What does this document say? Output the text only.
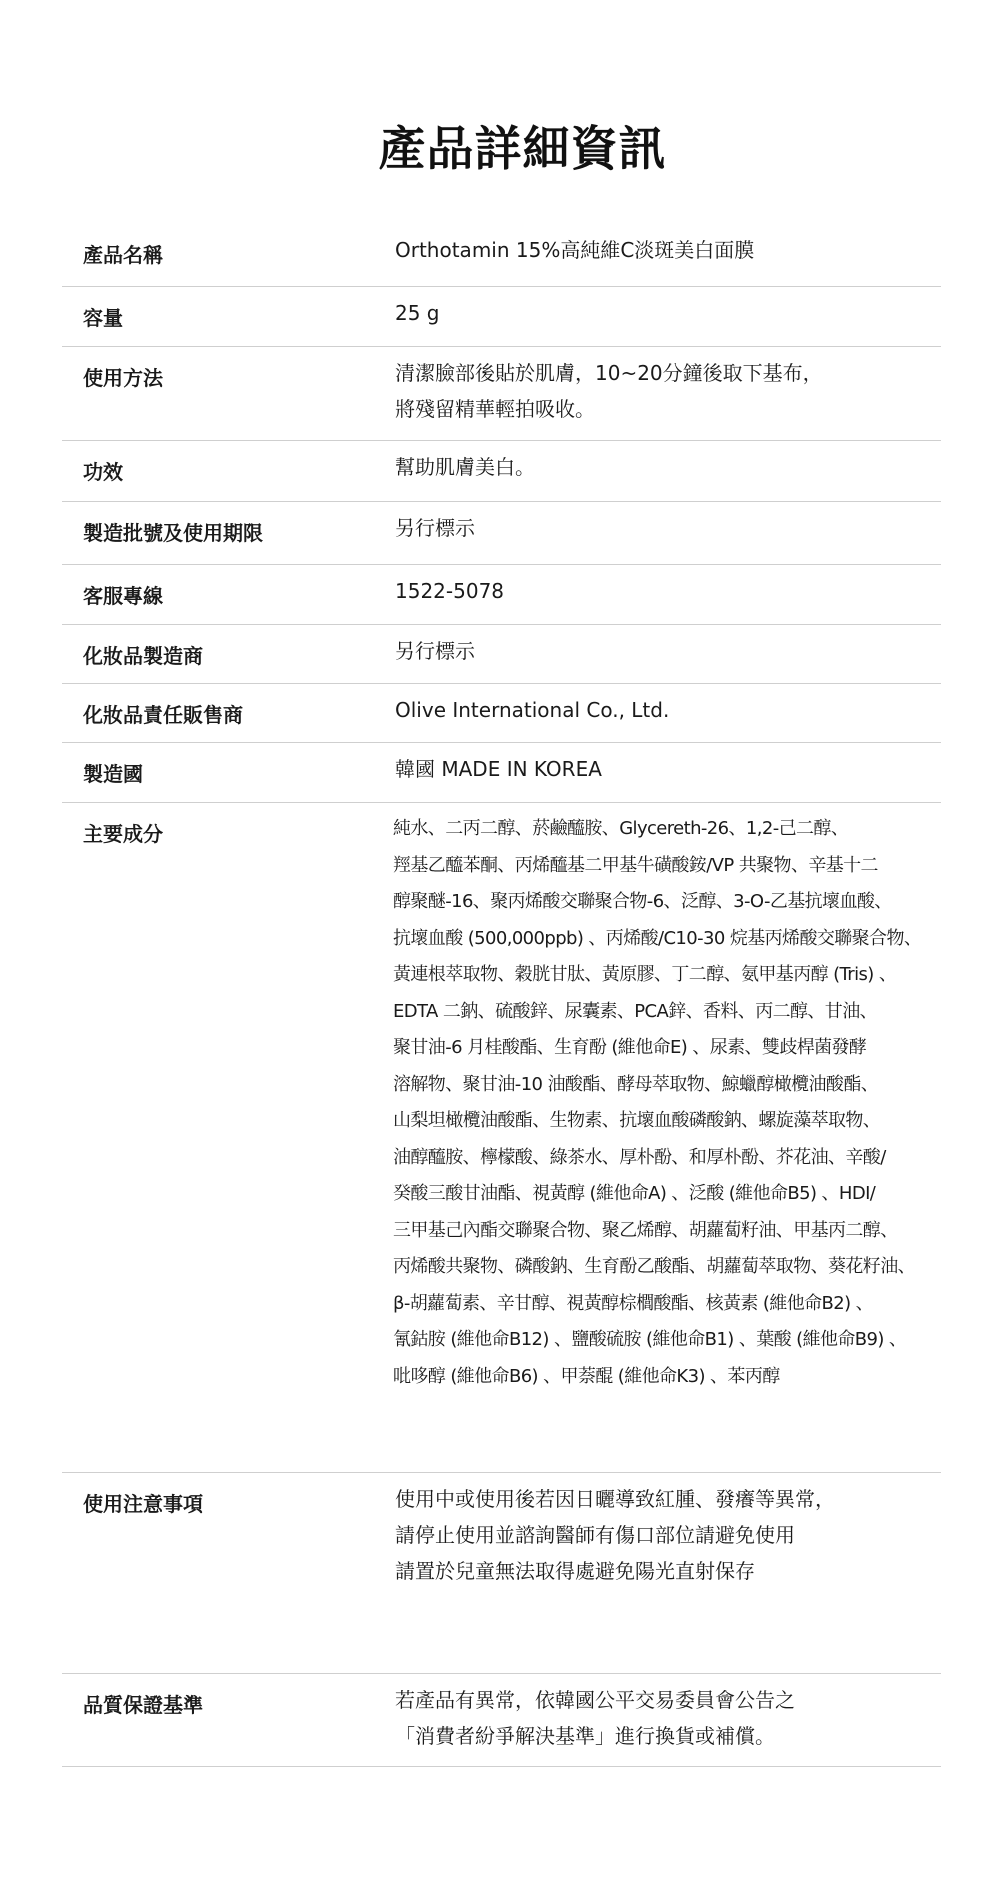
產品詳細資訊
產品名稱	Orthotamin 15%高純維C淡斑美白面膜
容量	25 g
使用方法	清潔臉部後貼於肌膚，10~20分鐘後取下基布，
將殘留精華輕拍吸收。
功效	幫助肌膚美白。
製造批號及使用期限	另行標示
客服專線	1522-5078
化妝品製造商	另行標示
化妝品責任販售商	Olive International Co., Ltd.
製造國	韓國 MADE IN KOREA
主要成分	純水、二丙二醇、菸鹼醯胺、Glycereth-26、1,2-己二醇、
羥基乙醯苯酮、丙烯醯基二甲基牛磺酸銨/VP 共聚物、辛基十二
醇聚醚-16、聚丙烯酸交聯聚合物-6、泛醇、3-O-乙基抗壞血酸、
抗壞血酸 (500,000ppb) 、丙烯酸/C10-30 烷基丙烯酸交聯聚合物、
黃連根萃取物、穀胱甘肽、黃原膠、丁二醇、氨甲基丙醇 (Tris) 、
EDTA 二鈉、硫酸鋅、尿囊素、PCA鋅、香料、丙二醇、甘油、
聚甘油-6 月桂酸酯、生育酚 (維他命E) 、尿素、雙歧桿菌發酵
溶解物、聚甘油-10 油酸酯、酵母萃取物、鯨蠟醇橄欖油酸酯、
山梨坦橄欖油酸酯、生物素、抗壞血酸磷酸鈉、螺旋藻萃取物、
油醇醯胺、檸檬酸、綠茶水、厚朴酚、和厚朴酚、芥花油、辛酸/
癸酸三酸甘油酯、視黃醇 (維他命A) 、泛酸 (維他命B5) 、HDI/
三甲基己內酯交聯聚合物、聚乙烯醇、胡蘿蔔籽油、甲基丙二醇、
丙烯酸共聚物、磷酸鈉、生育酚乙酸酯、胡蘿蔔萃取物、葵花籽油、
β-胡蘿蔔素、辛甘醇、視黃醇棕櫚酸酯、核黃素 (維他命B2) 、
氰鈷胺 (維他命B12) 、鹽酸硫胺 (維他命B1) 、葉酸 (維他命B9) 、
吡哆醇 (維他命B6) 、甲萘醌 (維他命K3) 、苯丙醇
使用注意事項	使用中或使用後若因日曬導致紅腫、發癢等異常，
請停止使用並諮詢醫師有傷口部位請避免使用
請置於兒童無法取得處避免陽光直射保存
品質保證基準	若產品有異常，依韓國公平交易委員會公告之
「消費者紛爭解決基準」進行換貨或補償。
